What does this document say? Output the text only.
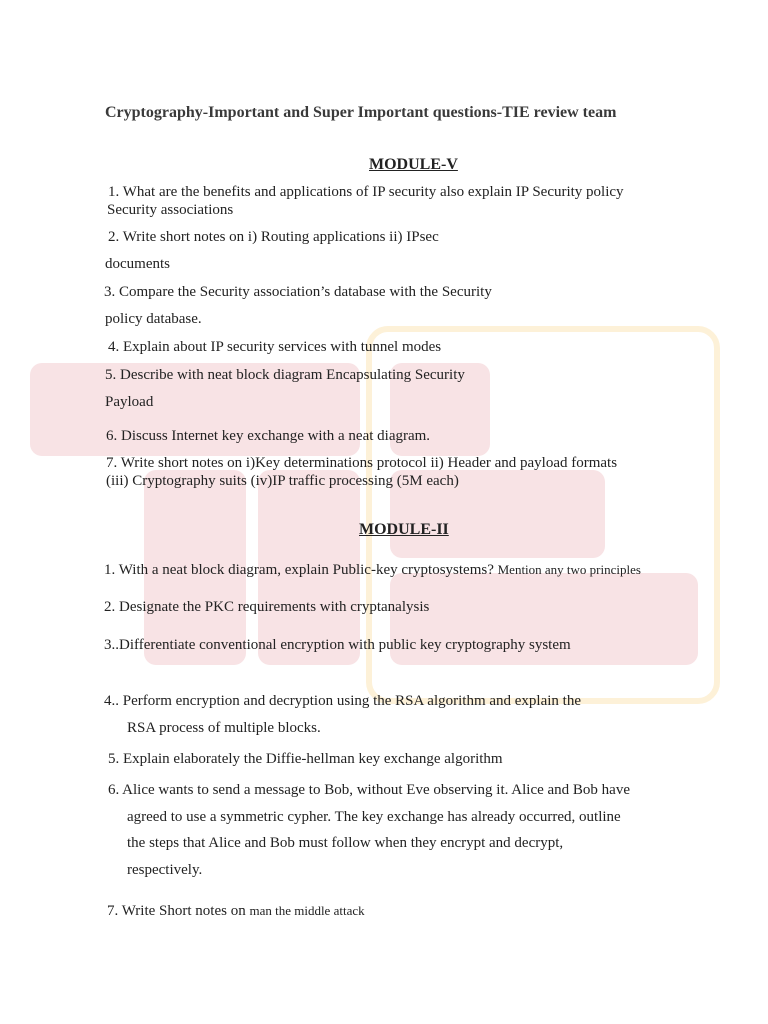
Cryptography-Important and Super Important questions-TIE review team
MODULE-V
1. What are the benefits and applications of IP security also explain IP Security policy
Security associations
2. Write short notes on i) Routing applications ii) IPsec
documents
3. Compare the Security association’s database with the Security
policy database.
4. Explain about IP security services with tunnel modes
5. Describe with neat block diagram Encapsulating Security
Payload
6. Discuss Internet key exchange with a neat diagram.
7. Write short notes on i)Key determinations protocol ii) Header and payload formats
(iii) Cryptography suits (iv)IP traffic processing (5M each)
MODULE-II
1. With a neat block diagram, explain Public-key cryptosystems? Mention any two principles
2. Designate the PKC requirements with cryptanalysis
3..Differentiate conventional encryption with public key cryptography system
4.. Perform encryption and decryption using the RSA algorithm and explain the
RSA process of multiple blocks.
5. Explain elaborately the Diffie-hellman key exchange algorithm
6. Alice wants to send a message to Bob, without Eve observing it. Alice and Bob have
agreed to use a symmetric cypher. The key exchange has already occurred, outline
the steps that Alice and Bob must follow when they encrypt and decrypt,
respectively.
7. Write Short notes on man the middle attack
